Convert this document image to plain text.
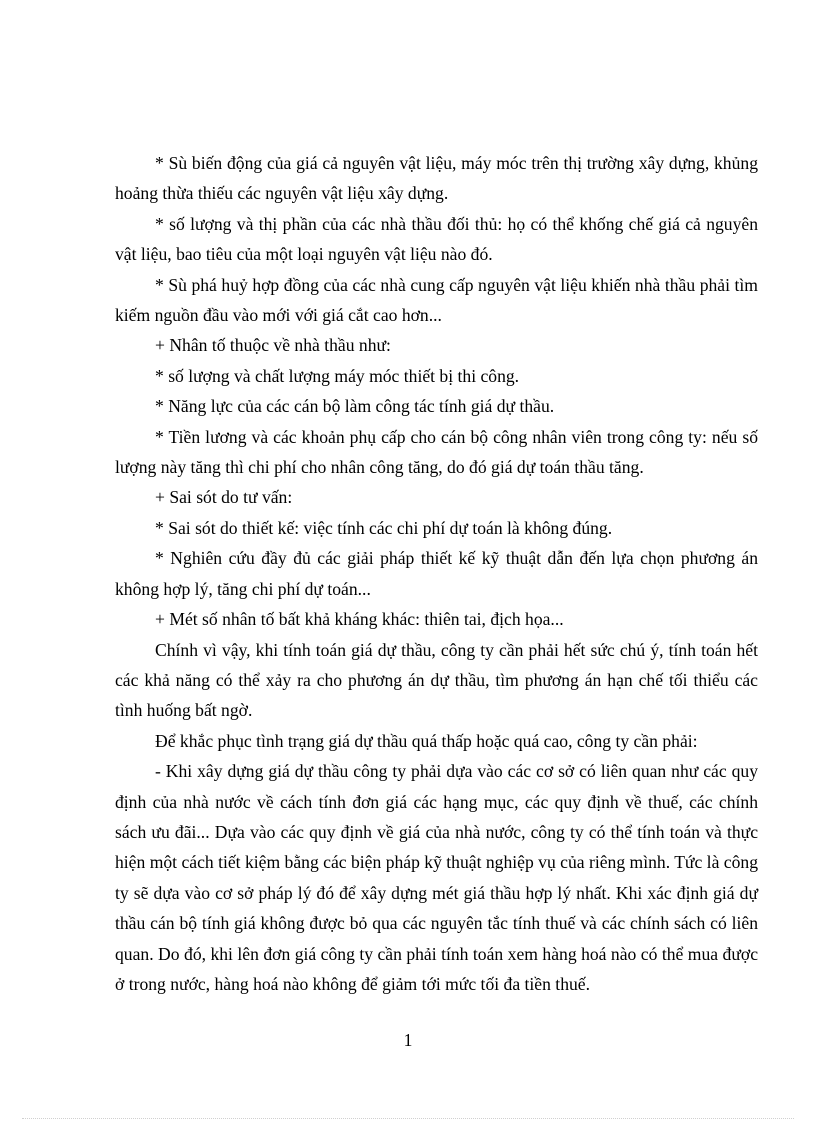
* Sù biến động của giá cả nguyên vật liệu, máy móc trên thị trường xây dựng, khủng hoảng thừa thiếu các nguyên vật liệu xây dựng.

* số lượng và thị phần của các nhà thầu đối thủ: họ có thể khống chế giá cả nguyên vật liệu, bao tiêu của một loại nguyên vật liệu nào đó.

* Sù phá huỷ hợp đồng của các nhà cung cấp nguyên vật liệu khiến nhà thầu phải tìm kiếm nguồn đầu vào mới với giá cắt cao hơn...

+ Nhân tố thuộc về nhà thầu như:

* số lượng và chất lượng máy móc thiết bị thi công.

* Năng lực của các cán bộ làm công tác tính giá dự thầu.

* Tiền lương và các khoản phụ cấp cho cán bộ công nhân viên trong công ty: nếu số lượng này tăng thì chi phí cho nhân công tăng, do đó giá dự toán thầu tăng.

+ Sai sót do tư vấn:

* Sai sót do thiết kế: việc tính các chi phí dự toán là không đúng.

* Nghiên cứu đầy đủ các giải pháp thiết kế kỹ thuật dẫn đến lựa chọn phương án không hợp lý, tăng chi phí dự toán...

+ Mét số nhân tố bất khả kháng khác: thiên tai, địch họa...

Chính vì vậy, khi tính toán giá dự thầu, công ty cần phải hết sức chú ý, tính toán hết các khả năng có thể xảy ra cho phương án dự thầu, tìm phương án hạn chế tối thiểu các tình huống bất ngờ.

Để khắc phục tình trạng giá dự thầu quá thấp hoặc quá cao, công ty cần phải:

- Khi xây dựng giá dự thầu công ty phải dựa vào các cơ sở có liên quan như các quy định của nhà nước về cách tính đơn giá các hạng mục, các quy định về thuế, các chính sách ưu đãi... Dựa vào các quy định về giá của nhà nước, công ty có thể tính toán và thực hiện một cách tiết kiệm bằng các biện pháp kỹ thuật nghiệp vụ của riêng mình. Tức là công ty sẽ dựa vào cơ sở pháp lý đó để xây dựng mét giá thầu hợp lý nhất. Khi xác định giá dự thầu cán bộ tính giá không được bỏ qua các nguyên tắc tính thuế và các chính sách có liên quan. Do đó, khi lên đơn giá công ty cần phải tính toán xem hàng hoá nào có thể mua được ở trong nước, hàng hoá nào không để giảm tới mức tối đa tiền thuế.

1
